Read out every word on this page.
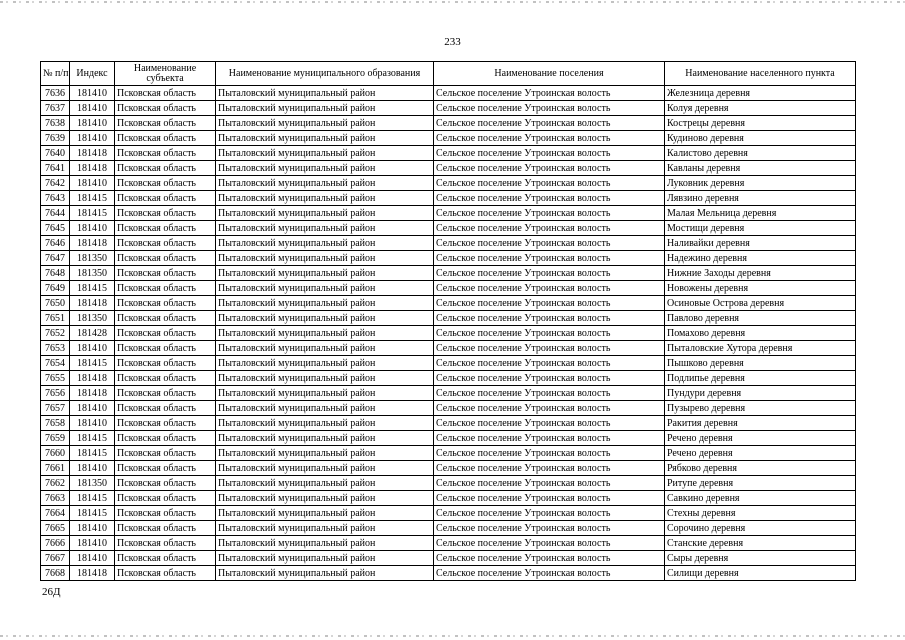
233
№ п/п	Индекс	Наименование субъекта	Наименование муниципального образования	Наименование поселения	Наименование населенного пункта
7636	181410	Псковская область	Пыталовский муниципальный район	Сельское поселение Утроинская волость	Железница деревня
7637	181410	Псковская область	Пыталовский муниципальный район	Сельское поселение Утроинская волость	Колуя деревня
7638	181410	Псковская область	Пыталовский муниципальный район	Сельское поселение Утроинская волость	Кострецы деревня
7639	181410	Псковская область	Пыталовский муниципальный район	Сельское поселение Утроинская волость	Кудиново деревня
7640	181418	Псковская область	Пыталовский муниципальный район	Сельское поселение Утроинская волость	Калистово деревня
7641	181418	Псковская область	Пыталовский муниципальный район	Сельское поселение Утроинская волость	Кавланы деревня
7642	181410	Псковская область	Пыталовский муниципальный район	Сельское поселение Утроинская волость	Луковник деревня
7643	181415	Псковская область	Пыталовский муниципальный район	Сельское поселение Утроинская волость	Лявзино деревня
7644	181415	Псковская область	Пыталовский муниципальный район	Сельское поселение Утроинская волость	Малая Мельница деревня
7645	181410	Псковская область	Пыталовский муниципальный район	Сельское поселение Утроинская волость	Мостищи деревня
7646	181418	Псковская область	Пыталовский муниципальный район	Сельское поселение Утроинская волость	Наливайки деревня
7647	181350	Псковская область	Пыталовский муниципальный район	Сельское поселение Утроинская волость	Надежино деревня
7648	181350	Псковская область	Пыталовский муниципальный район	Сельское поселение Утроинская волость	Нижние Заходы деревня
7649	181415	Псковская область	Пыталовский муниципальный район	Сельское поселение Утроинская волость	Новожены деревня
7650	181418	Псковская область	Пыталовский муниципальный район	Сельское поселение Утроинская волость	Осиновые Острова деревня
7651	181350	Псковская область	Пыталовский муниципальный район	Сельское поселение Утроинская волость	Павлово деревня
7652	181428	Псковская область	Пыталовский муниципальный район	Сельское поселение Утроинская волость	Помахово деревня
7653	181410	Псковская область	Пыталовский муниципальный район	Сельское поселение Утроинская волость	Пыталовские Хутора деревня
7654	181415	Псковская область	Пыталовский муниципальный район	Сельское поселение Утроинская волость	Пышково деревня
7655	181418	Псковская область	Пыталовский муниципальный район	Сельское поселение Утроинская волость	Подлипье деревня
7656	181418	Псковская область	Пыталовский муниципальный район	Сельское поселение Утроинская волость	Пундури деревня
7657	181410	Псковская область	Пыталовский муниципальный район	Сельское поселение Утроинская волость	Пузырево деревня
7658	181410	Псковская область	Пыталовский муниципальный район	Сельское поселение Утроинская волость	Ракития деревня
7659	181415	Псковская область	Пыталовский муниципальный район	Сельское поселение Утроинская волость	Речено деревня
7660	181415	Псковская область	Пыталовский муниципальный район	Сельское поселение Утроинская волость	Речено деревня
7661	181410	Псковская область	Пыталовский муниципальный район	Сельское поселение Утроинская волость	Рябково деревня
7662	181350	Псковская область	Пыталовский муниципальный район	Сельское поселение Утроинская волость	Ритупе деревня
7663	181415	Псковская область	Пыталовский муниципальный район	Сельское поселение Утроинская волость	Савкино деревня
7664	181415	Псковская область	Пыталовский муниципальный район	Сельское поселение Утроинская волость	Стехны деревня
7665	181410	Псковская область	Пыталовский муниципальный район	Сельское поселение Утроинская волость	Сорочино деревня
7666	181410	Псковская область	Пыталовский муниципальный район	Сельское поселение Утроинская волость	Станские деревня
7667	181410	Псковская область	Пыталовский муниципальный район	Сельское поселение Утроинская волость	Сыры деревня
7668	181418	Псковская область	Пыталовский муниципальный район	Сельское поселение Утроинская волость	Силищи деревня
26Д
